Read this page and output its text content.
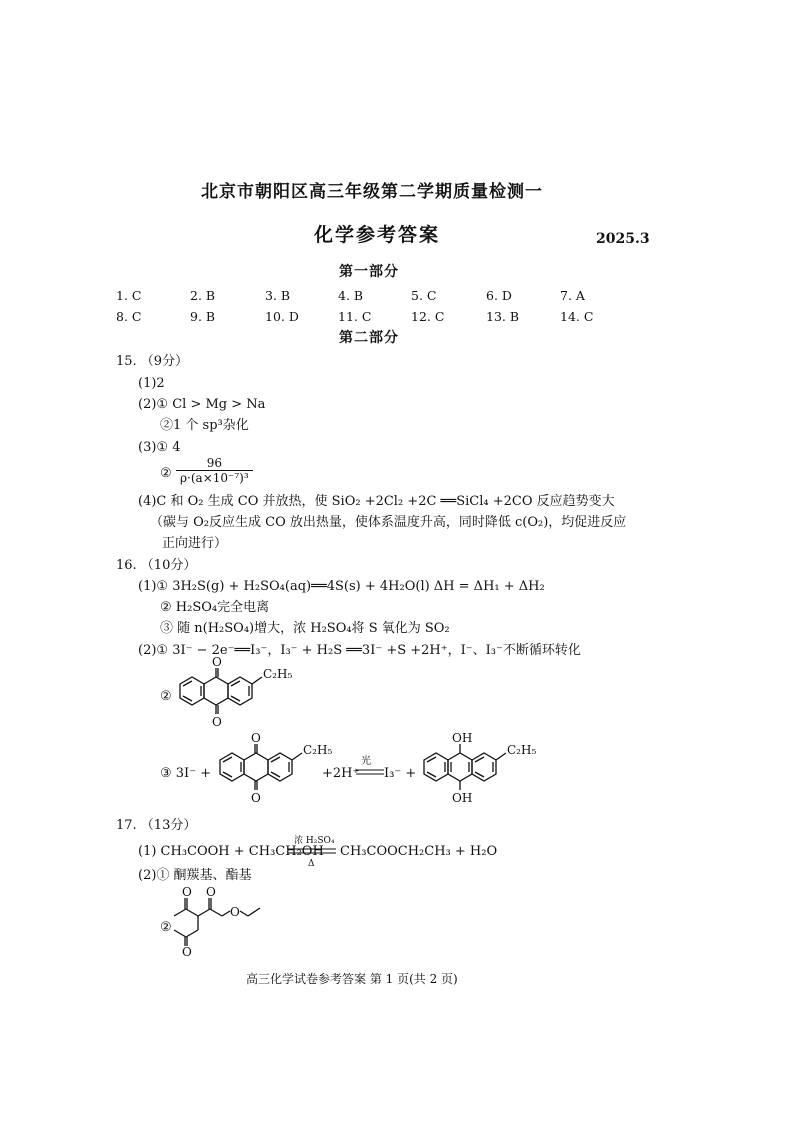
北京市朝阳区高三年级第二学期质量检测一
化学参考答案	2025.3
第一部分
1. C	2. B	3. B	4. B	5. C	6. D	7. A
8. C	9. B	10. D	11. C	12. C	13. B	14. C
第二部分
15. （9分）
(1)2
(2)① Cl > Mg > Na
②1 个 sp³杂化
(3)① 4
②
96
ρ·(a×10⁻⁷)³
(4)C 和 O₂ 生成 CO 并放热，使 SiO₂ +2Cl₂ +2C ══SiCl₄ +2CO 反应趋势变大
（碳与 O₂反应生成 CO 放出热量，使体系温度升高，同时降低 c(O₂)，均促进反应
正向进行）
16. （10分）
(1)① 3H₂S(g) + H₂SO₄(aq)══4S(s) + 4H₂O(l) ΔH = ΔH₁ + ΔH₂
② H₂SO₄完全电离
③ 随 n(H₂SO₄)增大，浓 H₂SO₄将 S 氧化为 SO₂
(2)① 3I⁻ − 2e⁻══I₃⁻，I₃⁻ + H₂S ══3I⁻ +S +2H⁺，I⁻、I₃⁻不断循环转化
②
O
O
C₂H₅
③ 3I⁻ +
O
O
C₂H₅
+2H⁺
光
I₃⁻ +
OH
OH
C₂H₅
17. （13分）
(1) CH₃COOH + CH₃CH₂OH
浓 H₂SO₄
Δ
CH₃COOCH₂CH₃ + H₂O
(2)① 酮羰基、酯基
②
O O
O
O
高三化学试卷参考答案 第 1 页(共 2 页)
